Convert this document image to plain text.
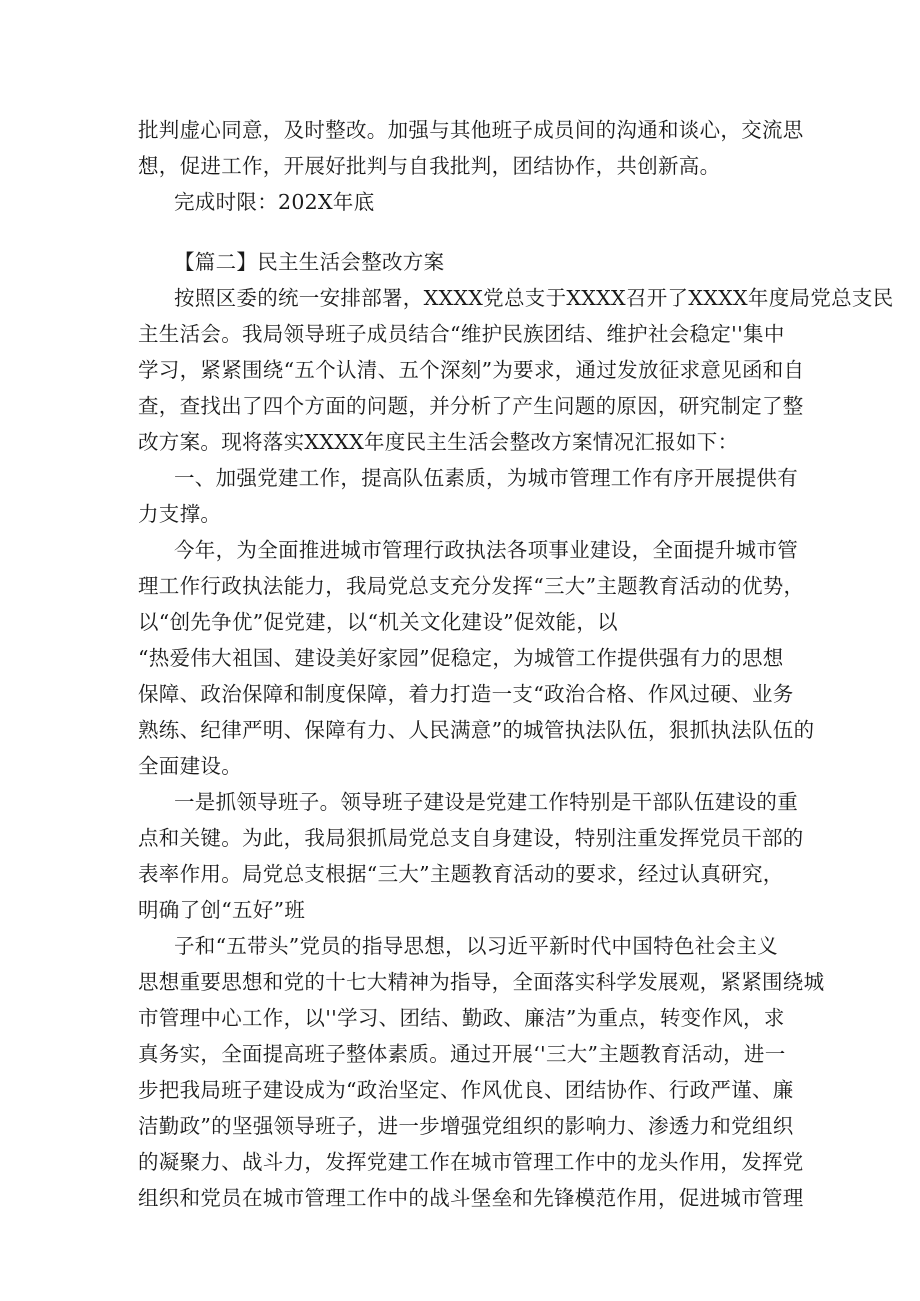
批判虚心同意，及时整改。加强与其他班子成员间的沟通和谈心，交流思
想，促进工作，开展好批判与自我批判，团结协作，共创新高。
完成时限：202X年底
【篇二】民主生活会整改方案
按照区委的统一安排部署，XXXX党总支于XXXX召开了XXXX年度局党总支民
主生活会。我局领导班子成员结合“维护民族团结、维护社会稳定''集中
学习，紧紧围绕“五个认清、五个深刻”为要求，通过发放征求意见函和自
查，查找出了四个方面的问题，并分析了产生问题的原因，研究制定了整
改方案。现将落实XXXX年度民主生活会整改方案情况汇报如下：
一、加强党建工作，提高队伍素质，为城市管理工作有序开展提供有
力支撑。
今年，为全面推进城市管理行政执法各项事业建设，全面提升城市管
理工作行政执法能力，我局党总支充分发挥“三大”主题教育活动的优势，
以“创先争优”促党建，以“机关文化建设”促效能，以
“热爱伟大祖国、建设美好家园”促稳定，为城管工作提供强有力的思想
保障、政治保障和制度保障，着力打造一支“政治合格、作风过硬、业务
熟练、纪律严明、保障有力、人民满意”的城管执法队伍，狠抓执法队伍的
全面建设。
一是抓领导班子。领导班子建设是党建工作特别是干部队伍建设的重
点和关键。为此，我局狠抓局党总支自身建设，特别注重发挥党员干部的
表率作用。局党总支根据“三大”主题教育活动的要求，经过认真研究，
明确了创“五好”班
子和“五带头”党员的指导思想，以习近平新时代中国特色社会主义
思想重要思想和党的十七大精神为指导，全面落实科学发展观，紧紧围绕城
市管理中心工作，以''学习、团结、勤政、廉洁”为重点，转变作风，求
真务实，全面提高班子整体素质。通过开展‘'三大”主题教育活动，进一
步把我局班子建设成为“政治坚定、作风优良、团结协作、行政严谨、廉
洁勤政”的坚强领导班子，进一步增强党组织的影响力、渗透力和党组织
的凝聚力、战斗力，发挥党建工作在城市管理工作中的龙头作用，发挥党
组织和党员在城市管理工作中的战斗堡垒和先锋模范作用，促进城市管理
